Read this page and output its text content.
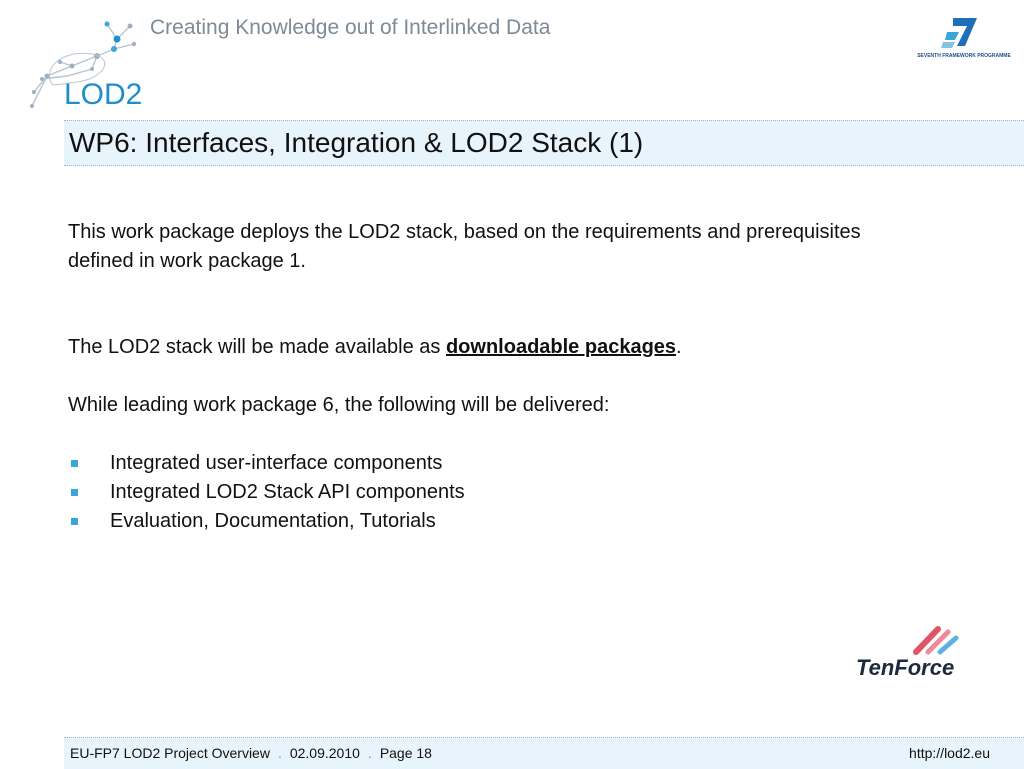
LOD2
Creating Knowledge out of Interlinked Data
SEVENTH FRAMEWORK PROGRAMME
WP6: Interfaces, Integration & LOD2 Stack (1)

This work package deploys the LOD2 stack, based on the requirements and prerequisites

defined in work package 1.

The LOD2 stack will be made available as downloadable packages.

While leading work package 6, the following will be delivered:

Integrated user-interface components
Integrated LOD2 Stack API components
Evaluation, Documentation, Tutorials
TenForce
EU-FP7 LOD2 Project Overview . 02.09.2010 . Page 18	http://lod2.eu
